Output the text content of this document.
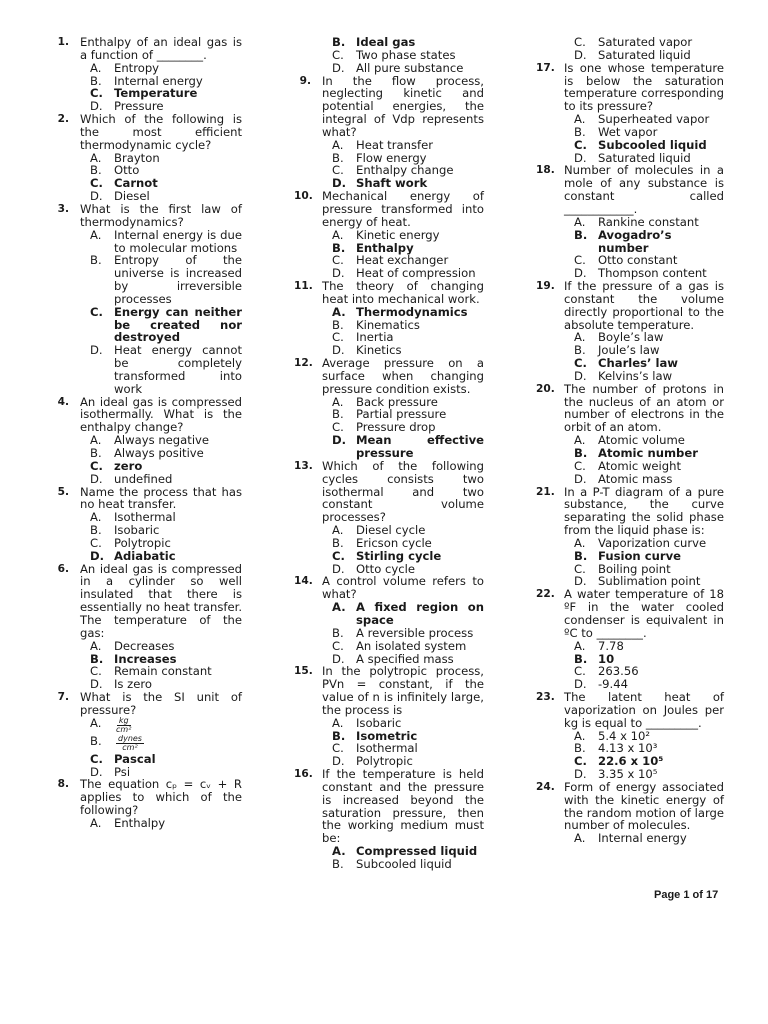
1. Enthalpy of an ideal gas is a function of ________.
A. Entropy
B. Internal energy
C. Temperature
D. Pressure
2. Which of the following is the most efficient thermodynamic cycle?
A. Brayton
B. Otto
C. Carnot
D. Diesel
3. What is the first law of thermodynamics?
A. Internal energy is due to molecular motions
B. Entropy of the universe is increased by irreversible processes
C. Energy can neither be created nor destroyed
D. Heat energy cannot be completely transformed into work
4. An ideal gas is compressed isothermally. What is the enthalpy change?
A. Always negative
B. Always positive
C. zero
D. undefined
5. Name the process that has no heat transfer.
A. Isothermal
B. Isobaric
C. Polytropic
D. Adiabatic
6. An ideal gas is compressed in a cylinder so well insulated that there is essentially no heat transfer. The temperature of the gas:
A. Decreases
B. Increases
C. Remain constant
D. Is zero
7. What is the SI unit of pressure?
A. $\frac{kg}{\text{cm²}}$
B. $\frac{\text{dynes}}{\text{cm²}}$
C. Pascal
D. Psi
8. The equation cₚ = cᵥ + R applies to which of the following?
A. Enthalpy
B. Ideal gas
C. Two phase states
D. All pure substance
9. In the flow process, neglecting kinetic and potential energies, the integral of Vdp represents what?
A. Heat transfer
B. Flow energy
C. Enthalpy change
D. Shaft work
10. Mechanical energy of pressure transformed into energy of heat.
A. Kinetic energy
B. Enthalpy
C. Heat exchanger
D. Heat of compression
11. The theory of changing heat into mechanical work.
A. Thermodynamics
B. Kinematics
C. Inertia
D. Kinetics
12. Average pressure on a surface when changing pressure condition exists.
A. Back pressure
B. Partial pressure
C. Pressure drop
D. Mean effective pressure
13. Which of the following cycles consists two isothermal and two constant volume processes?
A. Diesel cycle
B. Ericson cycle
C. Stirling cycle
D. Otto cycle
14. A control volume refers to what?
A. A fixed region on space
B. A reversible process
C. An isolated system
D. A specified mass
15. In the polytropic process, PVn = constant, if the value of n is infinitely large, the process is
A. Isobaric
B. Isometric
C. Isothermal
D. Polytropic
16. If the temperature is held constant and the pressure is increased beyond the saturation pressure, then the working medium must be:
A. Compressed liquid
B. Subcooled liquid
C. Saturated vapor
D. Saturated liquid
17. Is one whose temperature is below the saturation temperature corresponding to its pressure?
A. Superheated vapor
B. Wet vapor
C. Subcooled liquid
D. Saturated liquid
18. Number of molecules in a mole of any substance is constant called ____________.
A. Rankine constant
B. Avogadro’s number
C. Otto constant
D. Thompson content
19. If the pressure of a gas is constant the volume directly proportional to the absolute temperature.
A. Boyle’s law
B. Joule’s law
C. Charles’ law
D. Kelvins’s law
20. The number of protons in the nucleus of an atom or number of electrons in the orbit of an atom.
A. Atomic volume
B. Atomic number
C. Atomic weight
D. Atomic mass
21. In a P-T diagram of a pure substance, the curve separating the solid phase from the liquid phase is:
A. Vaporization curve
B. Fusion curve
C. Boiling point
D. Sublimation point
22. A water temperature of 18 ºF in the water cooled condenser is equivalent in ºC to ________.
A. 7.78
B. 10
C. 263.56
D. -9.44
23. The latent heat of vaporization on Joules per kg is equal to _________.
A. 5.4 x 10²
B. 4.13 x 10³
C. 22.6 x 10⁵
D. 3.35 x 10⁵
24. Form of energy associated with the kinetic energy of the random motion of large number of molecules.
A. Internal energy
Page 1 of 17
